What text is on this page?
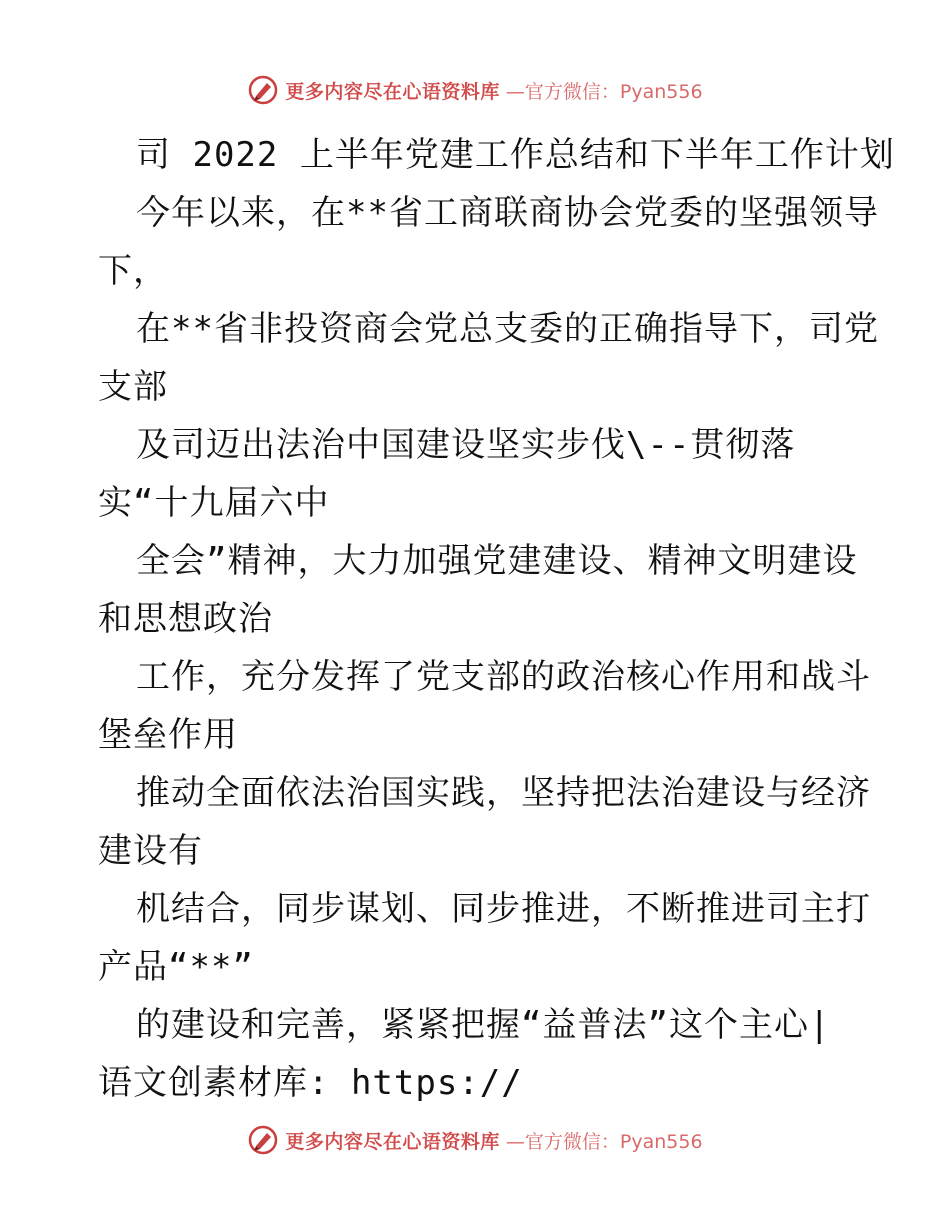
更多内容尽在心语资料库 —官方微信：Pyan556
司 2022 上半年党建工作总结和下半年工作计划
今年以来，在**省工商联商协会党委的坚强领导
下，
在**省非投资商会党总支委的正确指导下，司党
支部
及司迈出法治中国建设坚实步伐\--贯彻落
实“十九届六中
全会”精神，大力加强党建建设、精神文明建设
和思想政治
工作，充分发挥了党支部的政治核心作用和战斗
堡垒作用
推动全面依法治国实践，坚持把法治建设与经济
建设有
机结合，同步谋划、同步推进，不断推进司主打
产品“**”
的建设和完善，紧紧把握“益普法”这个主心|
语文创素材库: https://
更多内容尽在心语资料库 —官方微信：Pyan556
